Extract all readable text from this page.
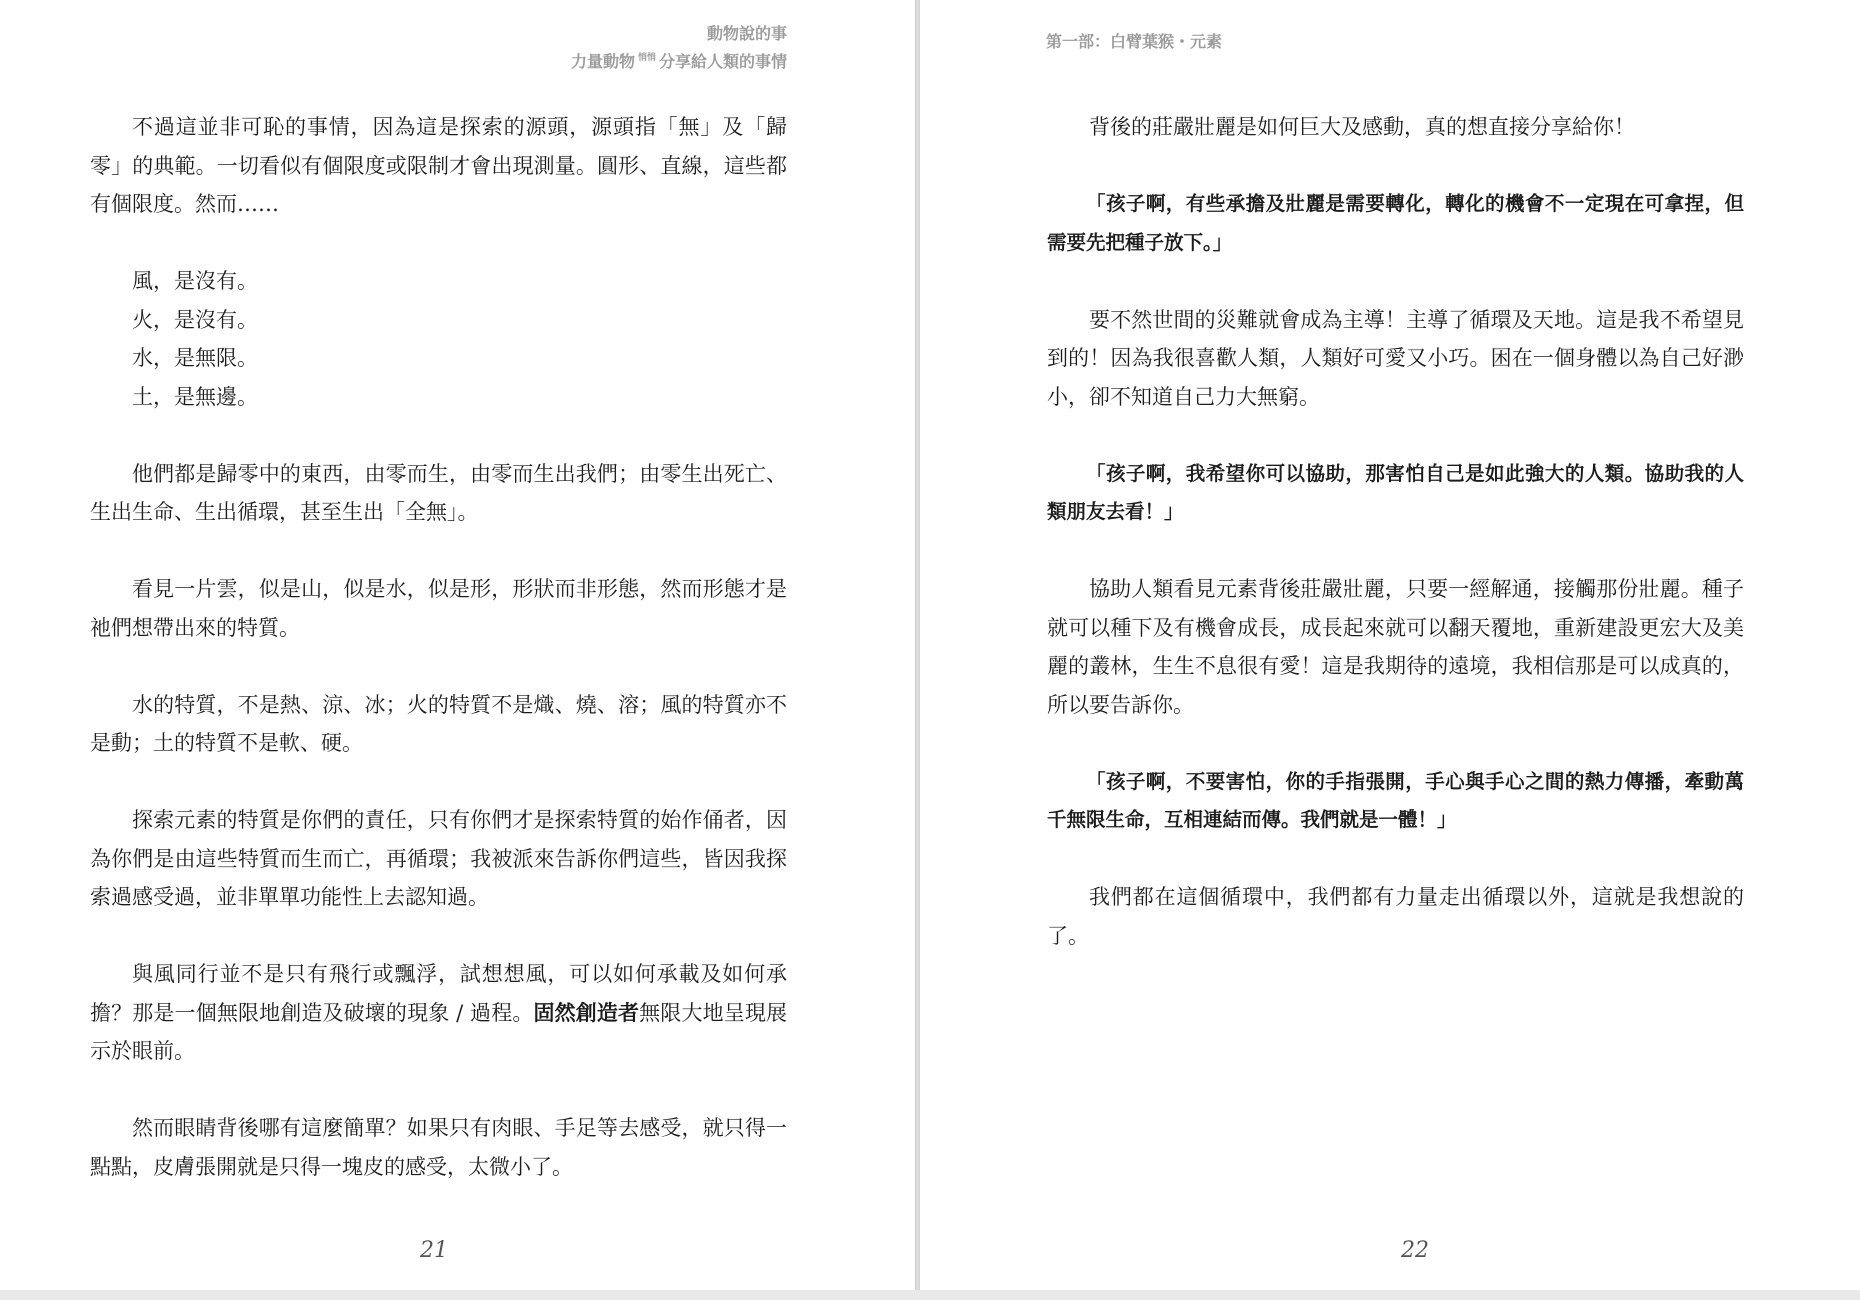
動物說的事
力量動物 $^{悄悄}$ 分享給人類的事情

不過這並非可恥的事情，因為這是探索的源頭，源頭指「無」及「歸零」的典範。一切看似有個限度或限制才會出現測量。圓形、直線，這些都有個限度。然而……

風，是沒有。

火，是沒有。

水，是無限。

土，是無邊。

他們都是歸零中的東西，由零而生，由零而生出我們；由零生出死亡、生出生命、生出循環，甚至生出「全無」。

看見一片雲，似是山，似是水，似是形，形狀而非形態，然而形態才是祂們想帶出來的特質。

水的特質，不是熱、涼、冰；火的特質不是熾、燒、溶；風的特質亦不是動；土的特質不是軟、硬。

探索元素的特質是你們的責任，只有你們才是探索特質的始作俑者，因為你們是由這些特質而生而亡，再循環；我被派來告訴你們這些，皆因我探索過感受過，並非單單功能性上去認知過。

與風同行並不是只有飛行或飄浮，試想想風，可以如何承載及如何承擔？那是一個無限地創造及破壞的現象 / 過程。固然創造者無限大地呈現展示於眼前。

然而眼睛背後哪有這麼簡單？如果只有肉眼、手足等去感受，就只得一點點，皮膚張開就是只得一塊皮的感受，太微小了。

21
第一部：白臂葉猴・元素

背後的莊嚴壯麗是如何巨大及感動，真的想直接分享給你！

「孩子啊，有些承擔及壯麗是需要轉化，轉化的機會不一定現在可拿捏，但需要先把種子放下。」

要不然世間的災難就會成為主導！主導了循環及天地。這是我不希望見到的！因為我很喜歡人類，人類好可愛又小巧。困在一個身體以為自己好渺小，卻不知道自己力大無窮。

「孩子啊，我希望你可以協助，那害怕自己是如此強大的人類。協助我的人類朋友去看！」

協助人類看見元素背後莊嚴壯麗，只要一經解通，接觸那份壯麗。種子就可以種下及有機會成長，成長起來就可以翻天覆地，重新建設更宏大及美麗的叢林，生生不息很有愛！這是我期待的遠境，我相信那是可以成真的，所以要告訴你。

「孩子啊，不要害怕，你的手指張開，手心與手心之間的熱力傳播，牽動萬千無限生命，互相連結而傳。我們就是一體！」

我們都在這個循環中，我們都有力量走出循環以外，這就是我想說的了。

22
